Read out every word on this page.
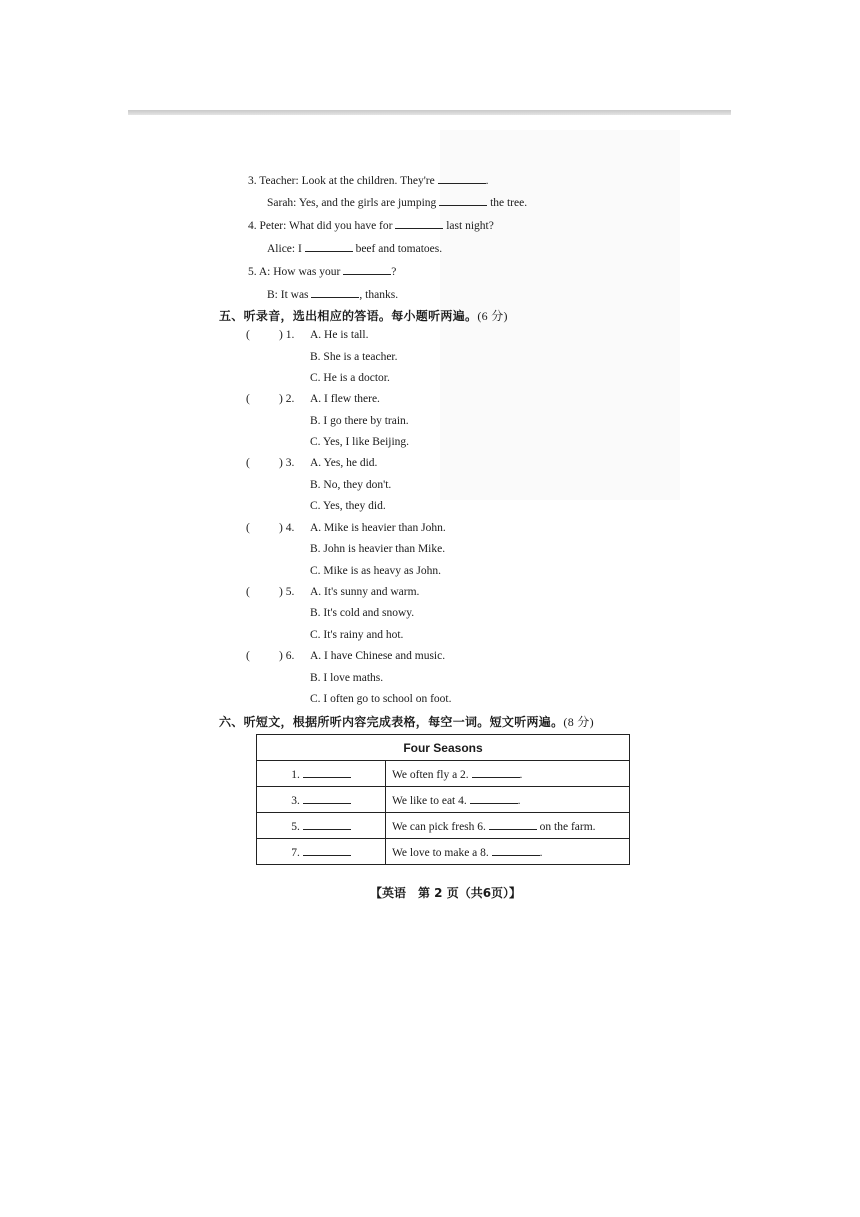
3. Teacher: Look at the children. They're	.
Sarah: Yes, and the girls are jumping	the tree.
4. Peter: What did you have for	last night?
Alice: I	beef and tomatoes.
5. A: How was your	?
B: It was	, thanks.
五、听录音，选出相应的答语。每小题听两遍。(6 分)
(	) 1. A. He is tall.
B. She is a teacher.
C. He is a doctor.
(	) 2. A. I flew there.
B. I go there by train.
C. Yes, I like Beijing.
(	) 3. A. Yes, he did.
B. No, they don't.
C. Yes, they did.
(	) 4. A. Mike is heavier than John.
B. John is heavier than Mike.
C. Mike is as heavy as John.
(	) 5. A. It's sunny and warm.
B. It's cold and snowy.
C. It's rainy and hot.
(	) 6. A. I have Chinese and music.
B. I love maths.
C. I often go to school on foot.
六、听短文，根据所听内容完成表格，每空一词。短文听两遍。(8 分)
Four Seasons	
1.	We often fly a 2. .
3.	We like to eat 4. .
5.	We can pick fresh 6. on the farm.
7.	We love to make a 8. .
【英语　第 2 页（共6页）】
